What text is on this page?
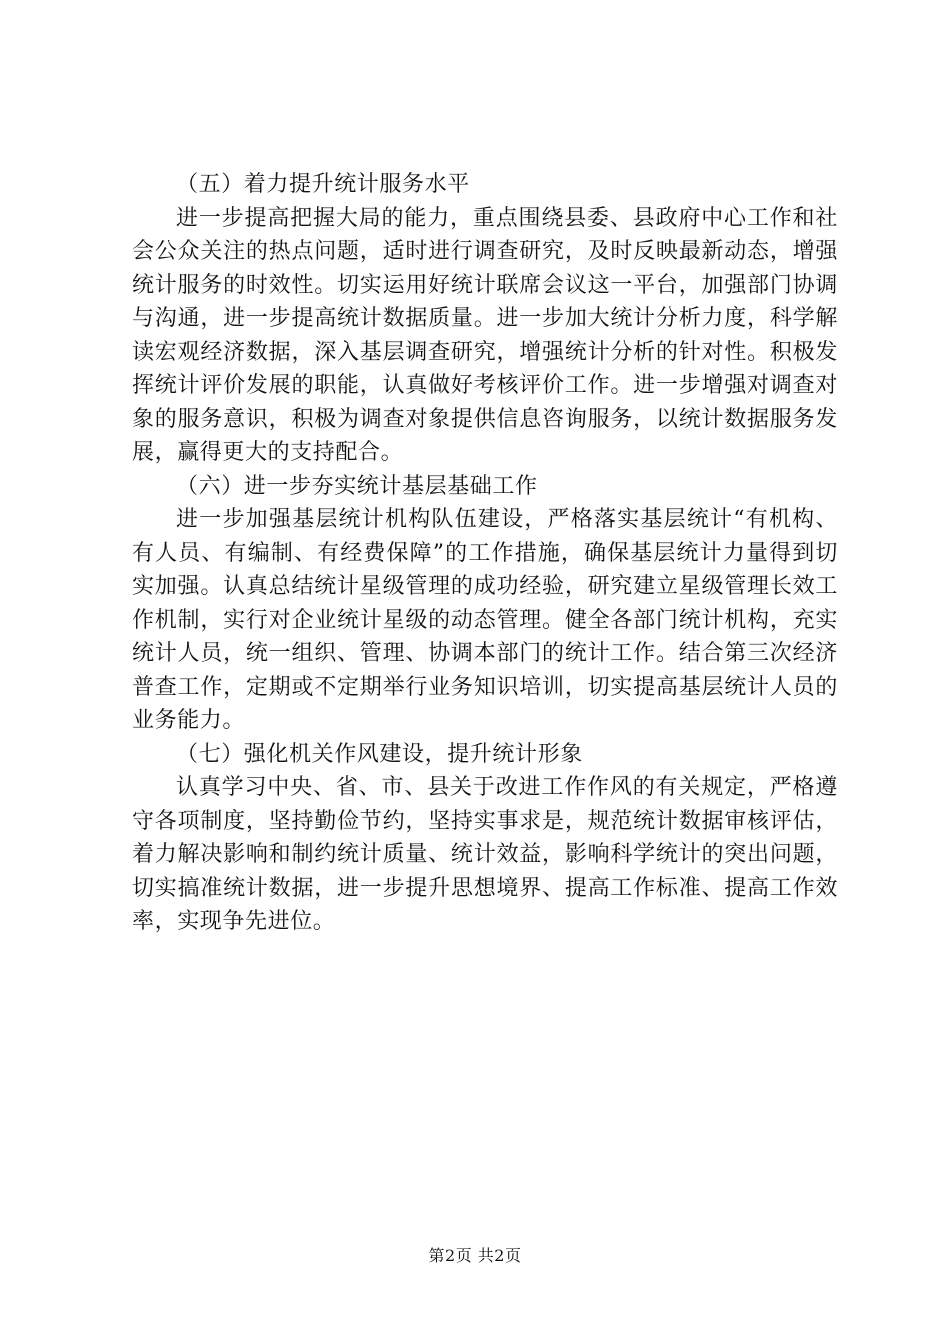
（五）着力提升统计服务水平

进一步提高把握大局的能力，重点围绕县委、县政府中心工作和社会公众关注的热点问题，适时进行调查研究，及时反映最新动态，增强统计服务的时效性。切实运用好统计联席会议这一平台，加强部门协调与沟通，进一步提高统计数据质量。进一步加大统计分析力度，科学解读宏观经济数据，深入基层调查研究，增强统计分析的针对性。积极发挥统计评价发展的职能，认真做好考核评价工作。进一步增强对调查对象的服务意识，积极为调查对象提供信息咨询服务，以统计数据服务发展，赢得更大的支持配合。

（六）进一步夯实统计基层基础工作

进一步加强基层统计机构队伍建设，严格落实基层统计“有机构、有人员、有编制、有经费保障”的工作措施，确保基层统计力量得到切实加强。认真总结统计星级管理的成功经验，研究建立星级管理长效工作机制，实行对企业统计星级的动态管理。健全各部门统计机构，充实统计人员，统一组织、管理、协调本部门的统计工作。结合第三次经济普查工作，定期或不定期举行业务知识培训，切实提高基层统计人员的业务能力。

（七）强化机关作风建设，提升统计形象

认真学习中央、省、市、县关于改进工作作风的有关规定，严格遵守各项制度，坚持勤俭节约，坚持实事求是，规范统计数据审核评估，着力解决影响和制约统计质量、统计效益，影响科学统计的突出问题，切实搞准统计数据，进一步提升思想境界、提高工作标准、提高工作效率，实现争先进位。

第2页 共2页
